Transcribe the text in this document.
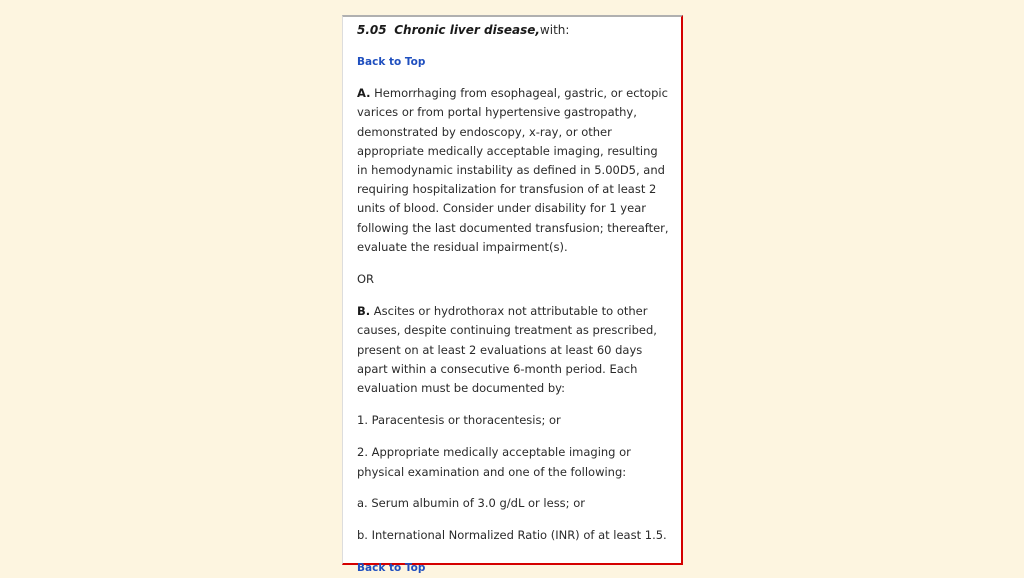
5.05 Chronic liver disease,with:

Back to Top

A. Hemorrhaging from esophageal, gastric, or ectopic varices or from portal hypertensive gastropathy, demonstrated by endoscopy, x-ray, or other appropriate medically acceptable imaging, resulting in hemodynamic instability as defined in 5.00D5, and requiring hospitalization for transfusion of at least 2 units of blood. Consider under disability for 1 year following the last documented transfusion; thereafter, evaluate the residual impairment(s).

OR

B. Ascites or hydrothorax not attributable to other causes, despite continuing treatment as prescribed, present on at least 2 evaluations at least 60 days apart within a consecutive 6-month period. Each evaluation must be documented by:

1. Paracentesis or thoracentesis; or

2. Appropriate medically acceptable imaging or physical examination and one of the following:

a. Serum albumin of 3.0 g/dL or less; or

b. International Normalized Ratio (INR) of at least 1.5.

Back to Top
